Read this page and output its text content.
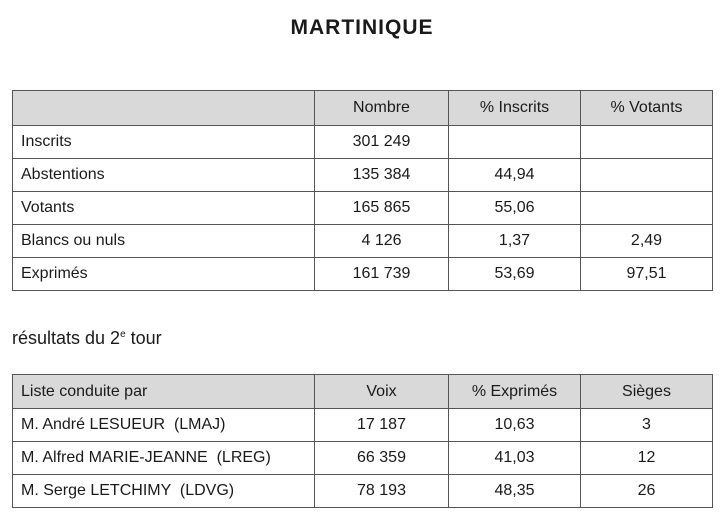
MARTINIQUE
	Nombre	% Inscrits	% Votants
Inscrits	301 249		
Abstentions	135 384	44,94	
Votants	165 865	55,06	
Blancs ou nuls	4 126	1,37	2,49
Exprimés	161 739	53,69	97,51
résultats du 2e tour
Liste conduite par	Voix	% Exprimés	Sièges
M. André LESUEUR  (LMAJ)	17 187	10,63	3
M. Alfred MARIE-JEANNE  (LREG)	66 359	41,03	12
M. Serge LETCHIMY  (LDVG)	78 193	48,35	26
